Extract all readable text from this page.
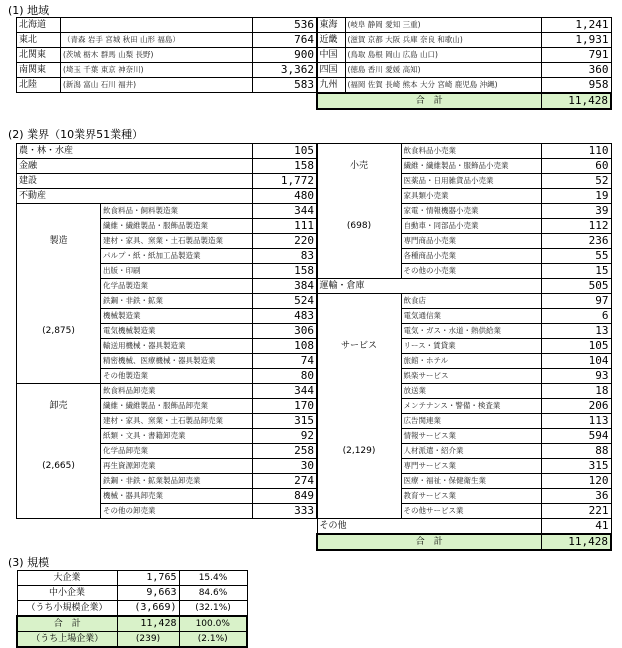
(1) 地域
北海道		536
東北	（青森 岩手 宮城 秋田 山形 福島）	764
北関東	(茨城 栃木 群馬 山梨 長野)	900
南関東	(埼玉 千葉 東京 神奈川)	3,362
北陸	(新潟 富山 石川 福井)	583
東海	(岐阜 静岡 愛知 三重)	1,241
近畿	(滋賀 京都 大阪 兵庫 奈良 和歌山)	1,931
中国	(鳥取 島根 岡山 広島 山口)	791
四国	(徳島 香川 愛媛 高知)	360
九州	(福岡 佐賀 長崎 熊本 大分 宮崎 鹿児島 沖縄)	958
合　計		11,428
(2) 業界（10業界51業種）
農・林・水産		105
金融		158
建設		1,772
不動産		480
	飲食料品・飼料製造業	344
	繊維・繊維製品・服飾品製造業	111
製造	建材・家具、窯業・土石製品製造業	220
	パルプ・紙・紙加工品製造業	83
	出版・印刷	158
	化学品製造業	384
	鉄鋼・非鉄・鉱業	524
	機械製造業	483
(2,875)	電気機械製造業	306
	輸送用機械・器具製造業	108
	精密機械、医療機械・器具製造業	74
	その他製造業	80
	飲食料品卸売業	344
卸売	繊維・繊維製品・服飾品卸売業	170
	建材・家具、窯業・土石製品卸売業	315
	紙類・文具・書籍卸売業	92
	化学品卸売業	258
(2,665)	再生資源卸売業	30
	鉄鋼・非鉄・鉱業製品卸売業	274
	機械・器具卸売業	849
	その他の卸売業	333
	飲食料品小売業	110
小売	繊維・繊維製品・服飾品小売業	60
	医薬品・日用雑貨品小売業	52
	家具類小売業	19
	家電・情報機器小売業	39
(698)	自動車・同部品小売業	112
	専門商品小売業	236
	各種商品小売業	55
	その他の小売業	15
運輸・倉庫		505
	飲食店	97
	電気通信業	6
	電気・ガス・水道・熱供給業	13
サービス	リース・賃貸業	105
	旅館・ホテル	104
	娯楽サービス	93
	放送業	18
	メンテナンス・警備・検査業	206
	広告関連業	113
	情報サービス業	594
(2,129)	人材派遣・紹介業	88
	専門サービス業	315
	医療・福祉・保健衛生業	120
	教育サービス業	36
	その他サービス業	221
その他		41
合　計		11,428
(3) 規模
大企業	1,765	15.4%
中小企業	9,663	84.6%
（うち小規模企業）	(3,669)	(32.1%)
合　計	11,428	100.0%
（うち上場企業）	(239)	(2.1%)
